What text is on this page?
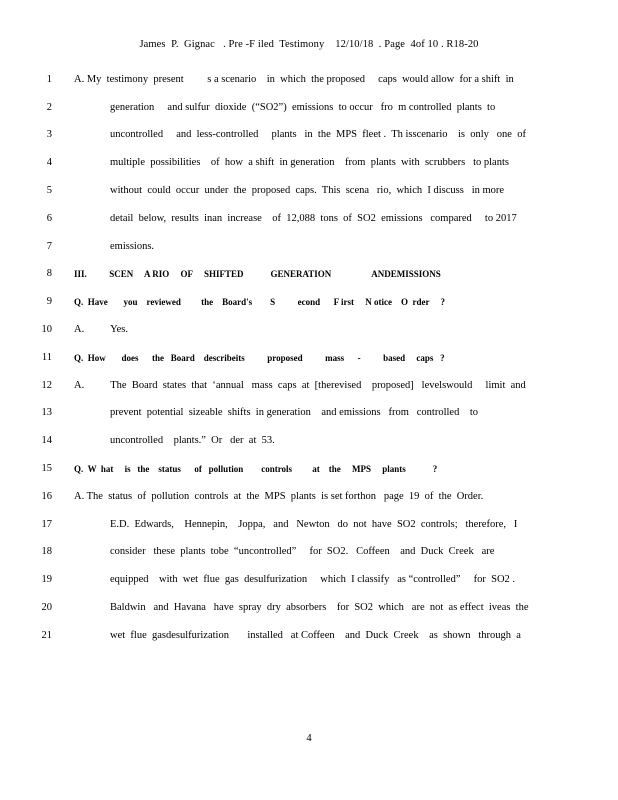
James  P.  Gignac   . Pre -F iled  Testimony    12/10/18  . Page  4of 10 . R18-20
1 A. My  testimony  present         s a scenario    in  which  the proposed     caps  would allow  for a shift  in
2	generation     and sulfur  dioxide  (“SO2”)  emissions  to occur   fro  m controlled  plants  to
3	uncontrolled     and  less-controlled     plants   in  the  MPS  fleet .  Th isscenario    is  only   one  of
4	multiple  possibilities    of  how  a shift  in generation    from  plants  with  scrubbers   to plants
5	without  could  occur  under  the  proposed  caps.  This  scena   rio,  which  I discuss   in more
6	detail  below,  results  inan  increase    of  12,088  tons  of  SO2  emissions   compared     to 2017
7	emissions.
8 III.          SCEN     A RIO     OF     SHIFTED            GENERATION                  ANDEMISSIONS
9 Q.  Have       you    reviewed         the    Board's        S          econd      F irst     N otice    O  rder     ?
10 A.          Yes.
11 Q.  How       does      the   Board    describeits          proposed          mass      -          based     caps   ?
12 A.          The  Board  states  that  ‘annual   mass  caps  at  [therevised    proposed]   levelswould     limit  and
13	prevent  potential  sizeable  shifts  in generation    and emissions   from   controlled    to
14	uncontrolled    plants.”  Or   der  at  53.
15 Q.  W  hat     is   the    status      of   pollution        controls         at    the     MPS     plants            ?
16 A. The  status  of  pollution  controls  at  the  MPS  plants  is set forthon   page  19  of  the  Order.
17	E.D.  Edwards,    Hennepin,    Joppa,   and   Newton   do  not  have  SO2  controls;   therefore,   I
18	consider   these  plants  tobe  “uncontrolled”     for  SO2.   Coffeen    and  Duck  Creek   are
19	equipped    with  wet  flue  gas  desulfurization     which  I classify   as “controlled”     for  SO2 .
20	Baldwin   and  Havana   have  spray  dry  absorbers    for  SO2  which   are  not  as effect  iveas  the
21	wet  flue  gasdesulfurization       installed   at Coffeen    and  Duck  Creek    as  shown   through  a
4
